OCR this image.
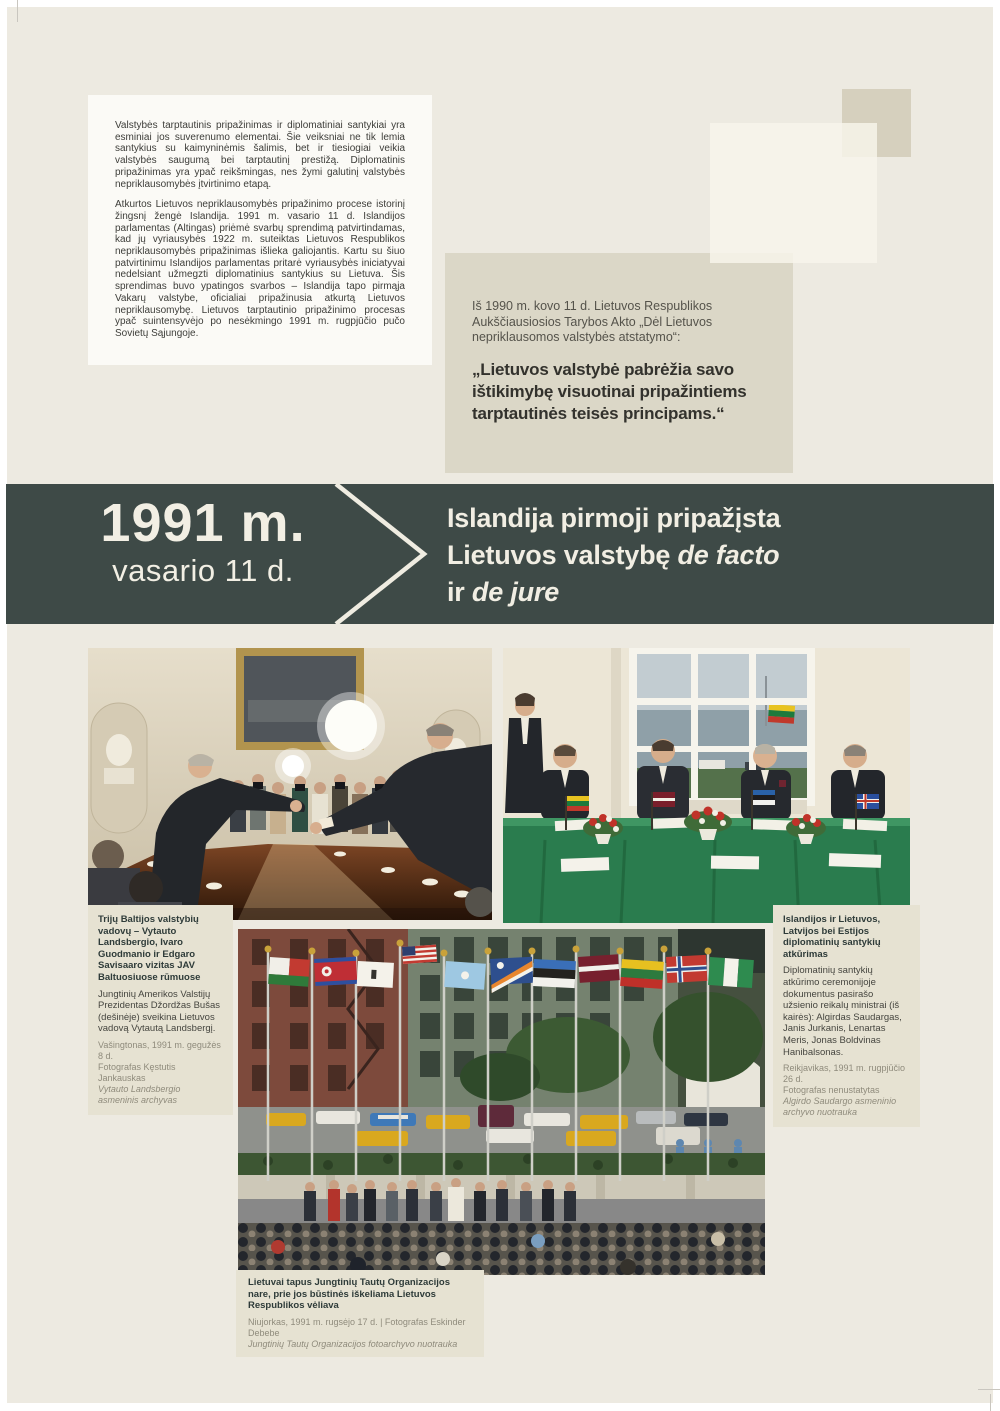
Valstybės tarptautinis pripažinimas ir diplomatiniai santykiai yra esminiai jos suverenumo elementai. Šie veiksniai ne tik lemia santykius su kaimyninėmis šalimis, bet ir tiesiogiai veikia valstybės saugumą bei tarptautinį prestižą. Diplomatinis pripažinimas yra ypač reikšmingas, nes žymi galutinį valstybės nepriklausomybės įtvirtinimo etapą.

Atkurtos Lietuvos nepriklausomybės pripažinimo procese istorinį žingsnį žengė Islandija. 1991 m. vasario 11 d. Islandijos parlamentas (Altingas) priėmė svarbų sprendimą patvirtindamas, kad jų vyriausybės 1922 m. suteiktas Lietuvos Respublikos nepriklausomybės pripažinimas išlieka galiojantis. Kartu su šiuo patvirtinimu Islandijos parlamentas pritarė vyriausybės iniciatyvai nedelsiant užmegzti diplomatinius santykius su Lietuva. Šis sprendimas buvo ypatingos svarbos – Islandija tapo pirmąja Vakarų valstybe, oficialiai pripažinusia atkurtą Lietuvos nepriklausomybę. Lietuvos tarptautinio pripažinimo procesas ypač suintensyvėjo po nesėkmingo 1991 m. rugpjūčio pučo Sovietų Sąjungoje.

Iš 1990 m. kovo 11 d. Lietuvos Respublikos Aukščiausiosios Tarybos Akto „Dėl Lietuvos nepriklausomos valstybės atstatymo“:

„Lietuvos valstybė pabrėžia savo ištikimybę visuotinai pripažintiems tarptautinės teisės principams.“

1991 m.
vasario 11 d.
Islandija pirmoji pripažįsta
Lietuvos valstybę de facto
ir de jure
Trijų Baltijos valstybių vadovų – Vytauto Landsbergio, Ivaro Guodmanio ir Edgaro Savisaaro vizitas JAV Baltuosiuose rūmuose
Jungtinių Amerikos Valstijų Prezidentas Džordžas Bušas (dešinėje) sveikina Lietuvos vadovą Vytautą Landsbergį.
Vašingtonas, 1991 m. gegužės 8 d.
Fotografas Kęstutis Jankauskas
Vytauto Landsbergio asmeninis archyvas
Islandijos ir Lietuvos, Latvijos bei Estijos diplomatinių santykių atkūrimas
Diplomatinių santykių atkūrimo ceremonijoje dokumentus pasirašo užsienio reikalų ministrai (iš kairės): Algirdas Saudargas, Janis Jurkanis, Lenartas Meris, Jonas Boldvinas Hanibalsonas.
Reikjavikas, 1991 m. rugpjūčio 26 d.
Fotografas nenustatytas
Algirdo Saudargo asmeninio archyvo nuotrauka
Lietuvai tapus Jungtinių Tautų Organizacijos nare, prie jos būstinės iškeliama Lietuvos Respublikos vėliava
Niujorkas, 1991 m. rugsėjo 17 d. | Fotografas Eskinder Debebe
Jungtinių Tautų Organizacijos fotoarchyvo nuotrauka
